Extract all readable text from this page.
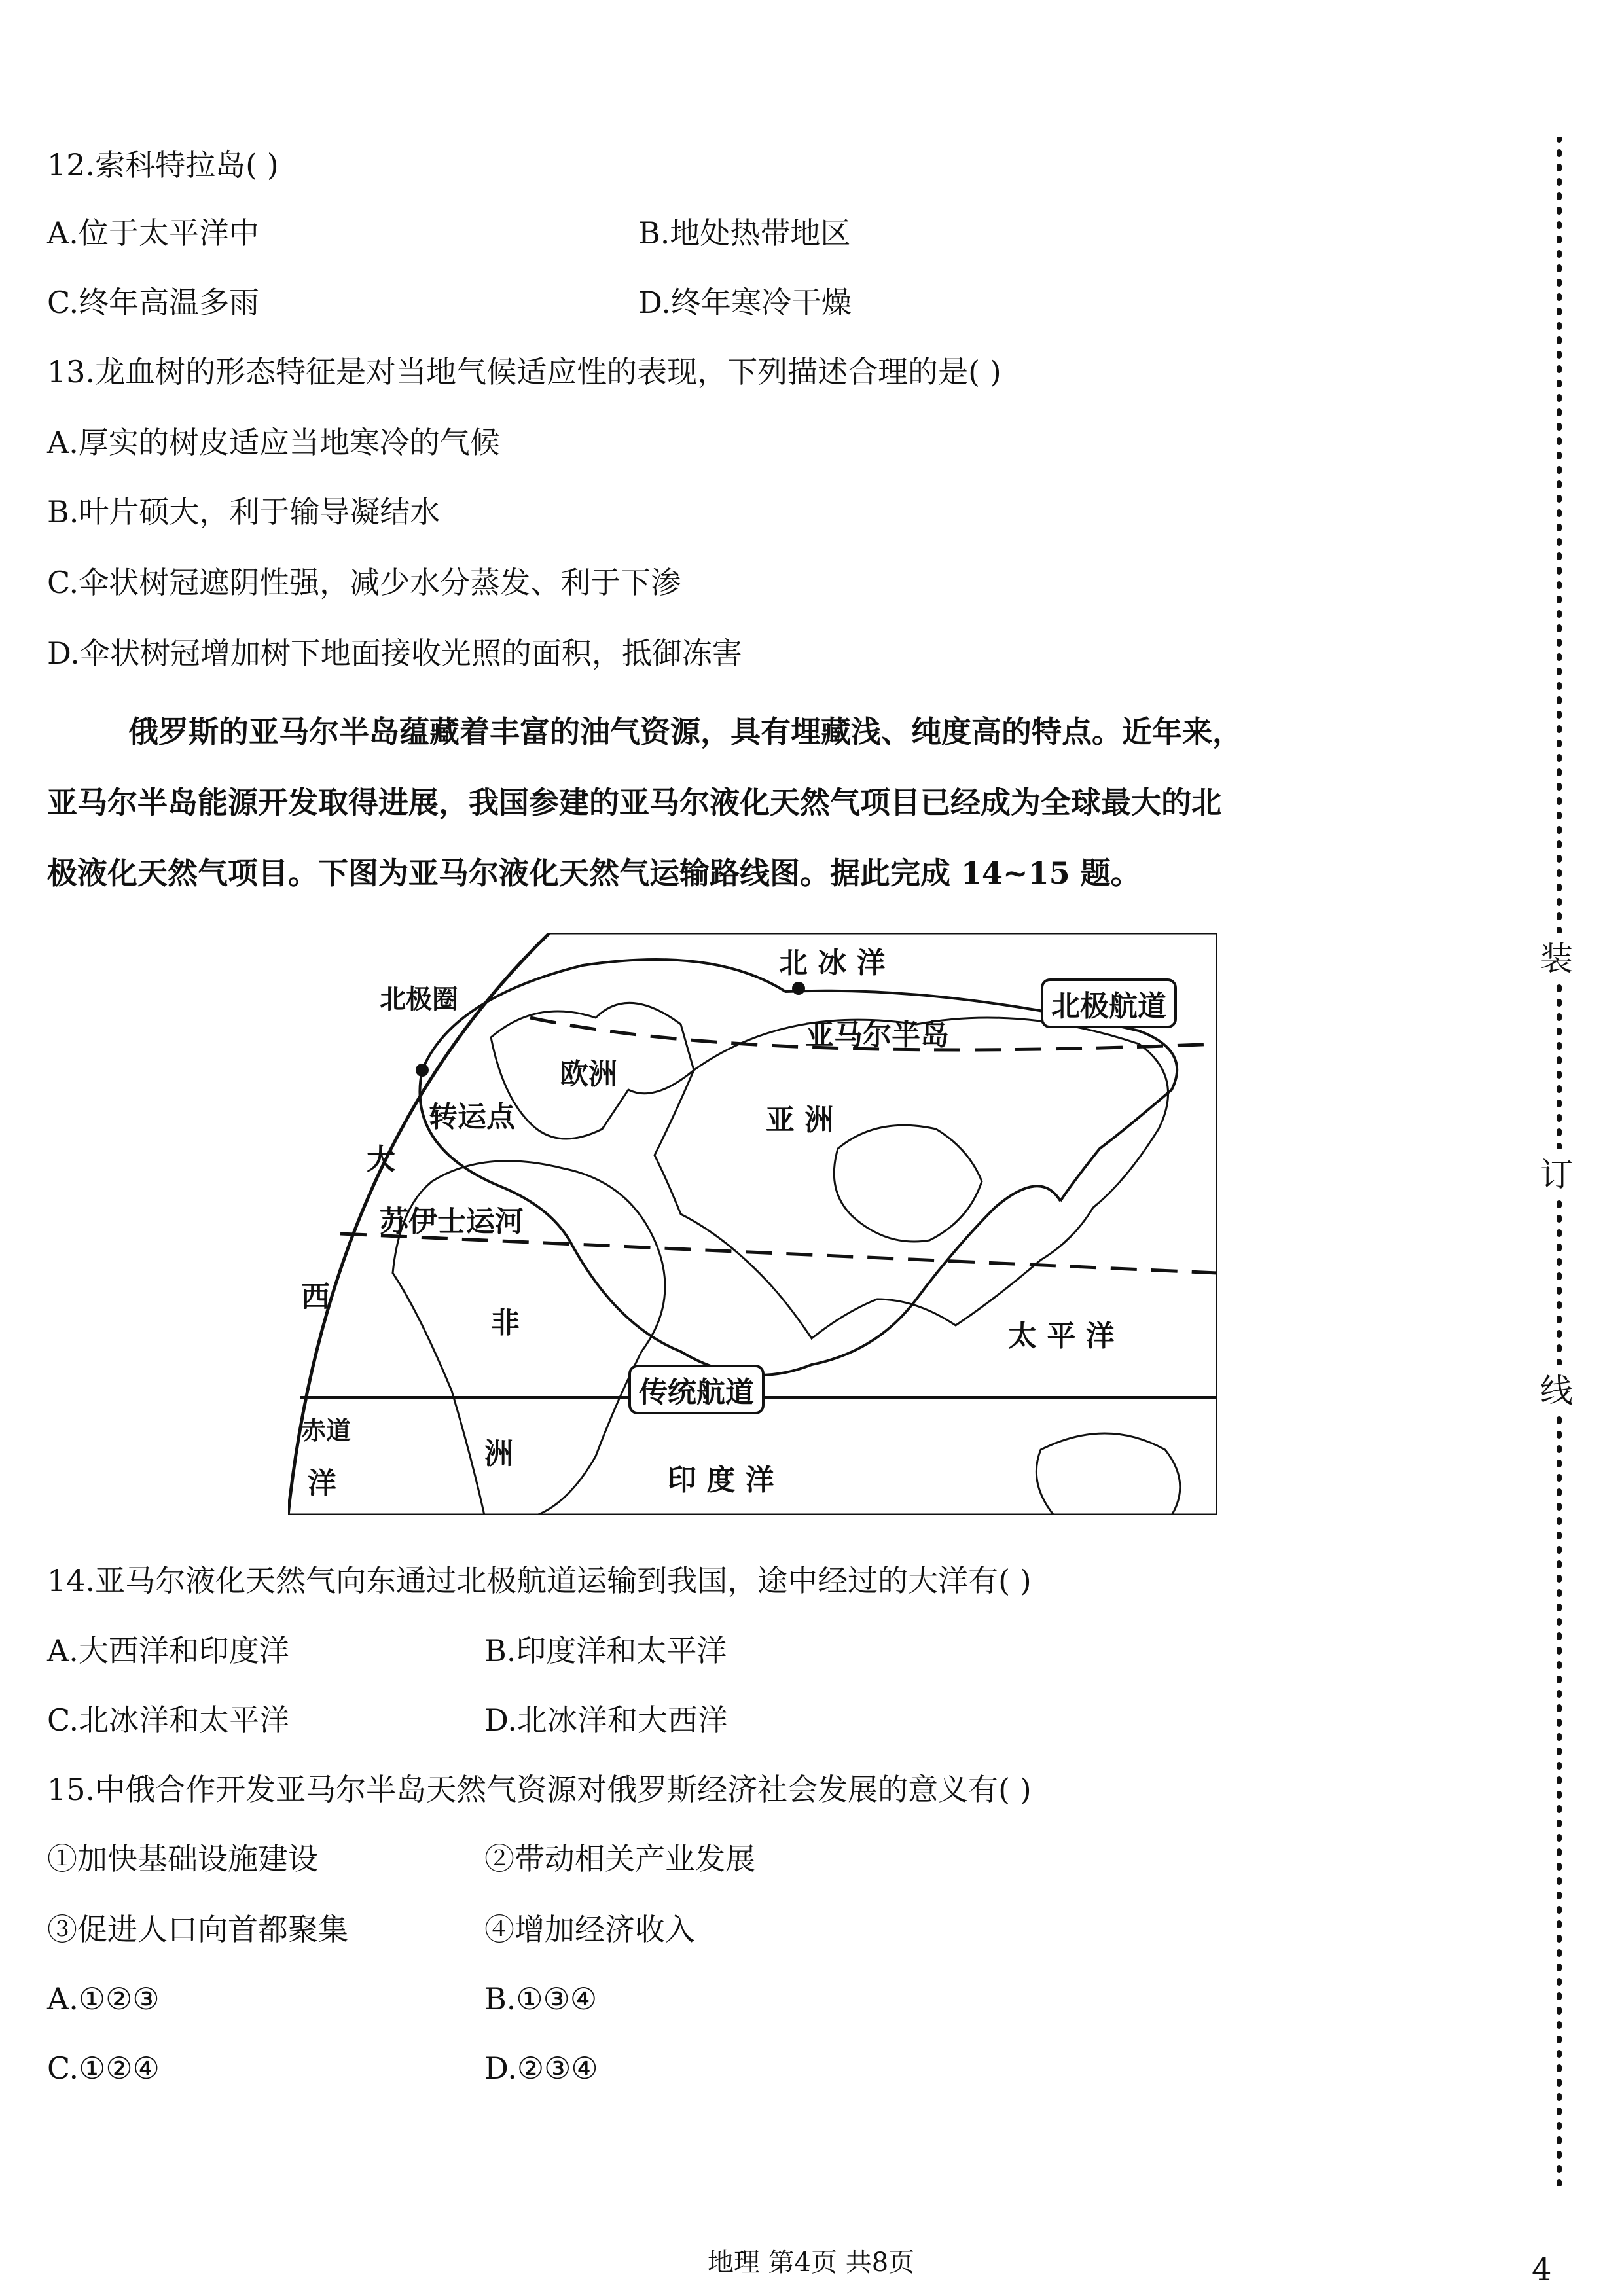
12.索科特拉岛( )
A.位于太平洋中	B.地处热带地区
C.终年高温多雨	D.终年寒冷干燥
13.龙血树的形态特征是对当地气候适应性的表现，下列描述合理的是( )
A.厚实的树皮适应当地寒冷的气候
B.叶片硕大，利于输导凝结水
C.伞状树冠遮阴性强，减少水分蒸发、利于下渗
D.伞状树冠增加树下地面接收光照的面积，抵御冻害
俄罗斯的亚马尔半岛蕴藏着丰富的油气资源，具有埋藏浅、纯度高的特点。近年来，
亚马尔半岛能源开发取得进展，我国参建的亚马尔液化天然气项目已经成为全球最大的北
极液化天然气项目。下图为亚马尔液化天然气运输路线图。据此完成 14~15 题。
北 冰 洋
北极圈	北极航道
亚马尔半岛
欧洲
转运点	亚 洲
大
苏伊士运河
西
非	太 平 洋
传统航道
赤道
洋
洲
印 度 洋
14.亚马尔液化天然气向东通过北极航道运输到我国，途中经过的大洋有( )
A.大西洋和印度洋	B.印度洋和太平洋
C.北冰洋和太平洋	D.北冰洋和大西洋
15.中俄合作开发亚马尔半岛天然气资源对俄罗斯经济社会发展的意义有( )
①加快基础设施建设	②带动相关产业发展
③促进人口向首都聚集	④增加经济收入
A.①②③	B.①③④
C.①②④	D.②③④
装
订
线
地理 第4页 共8页	4
